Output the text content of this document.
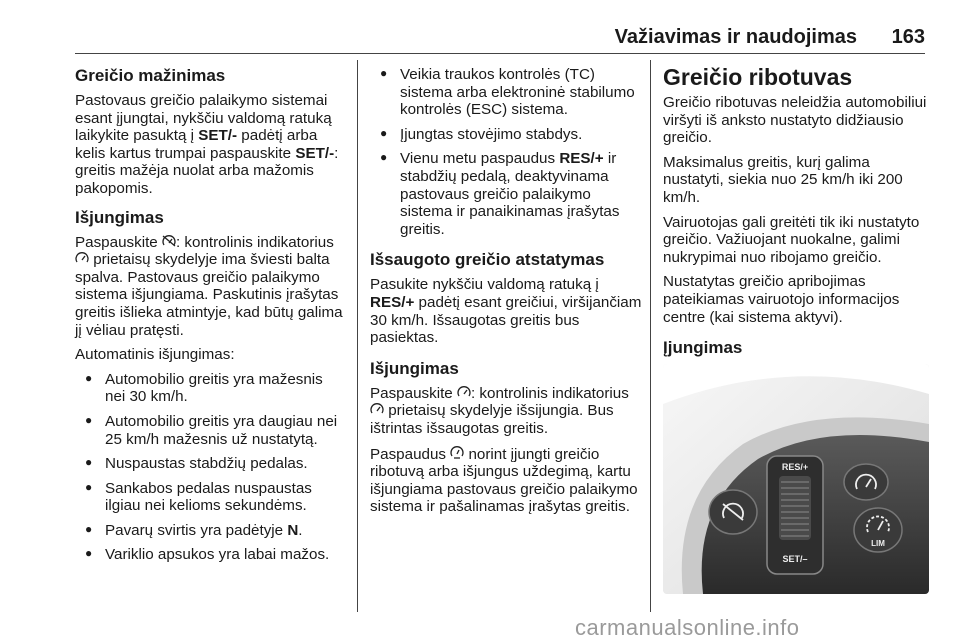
Važiavimas ir naudojimas 163
Greičio mažinimas

Pastovaus greičio palaikymo sistemai esant įjungtai, nykščiu valdomą ratuką laikykite pasuktą į SET/- padėtį arba kelis kartus trumpai paspauskite SET/-: greitis mažėja nuolat arba mažomis pakopomis.

Išjungimas

Paspauskite : kontrolinis indikatorius  prietaisų skydelyje ima šviesti balta spalva. Pastovaus greičio palaikymo sistema išjungiama. Paskutinis įrašytas greitis išlieka atmintyje, kad būtų galima jį vėliau pratęsti.

Automatinis išjungimas:

● Automobilio greitis yra mažesnis nei 30 km/h.
● Automobilio greitis yra daugiau nei 25 km/h mažesnis už nustatytą.
● Nuspaustas stabdžių pedalas.
● Sankabos pedalas nuspaustas ilgiau nei kelioms sekundėms.
● Pavarų svirtis yra padėtyje N.
● Variklio apsukos yra labai mažos.
● Veikia traukos kontrolės (TC) sistema arba elektroninė stabilumo kontrolės (ESC) sistema.
● Įjungtas stovėjimo stabdys.
● Vienu metu paspaudus RES/+ ir stabdžių pedalą, deaktyvinama pastovaus greičio palaikymo sistema ir panaikinamas įrašytas greitis.
Išsaugoto greičio atstatymas

Pasukite nykščiu valdomą ratuką į RES/+ padėtį esant greičiui, viršijančiam 30 km/h. Išsaugotas greitis bus pasiektas.

Išjungimas

Paspauskite : kontrolinis indikatorius  prietaisų skydelyje išsijungia. Bus ištrintas išsaugotas greitis.

Paspaudus  norint įjungti greičio ribotuvą arba išjungus uždegimą, kartu išjungiama pastovaus greičio palaikymo sistema ir pašalinamas įrašytas greitis.

Greičio ribotuvas

Greičio ribotuvas neleidžia automobiliui viršyti iš anksto nustatyto didžiausio greičio.

Maksimalus greitis, kurį galima nustatyti, siekia nuo 25 km/h iki 200 km/h.

Vairuotojas gali greitėti tik iki nustatyto greičio. Važiuojant nuokalne, galimi nukrypimai nuo ribojamo greičio.

Nustatytas greičio apribojimas pateikiamas vairuotojo informacijos centre (kai sistema aktyvi).

Įjungimas
RES/+
SET/–
LIM
carmanualsonline.info
